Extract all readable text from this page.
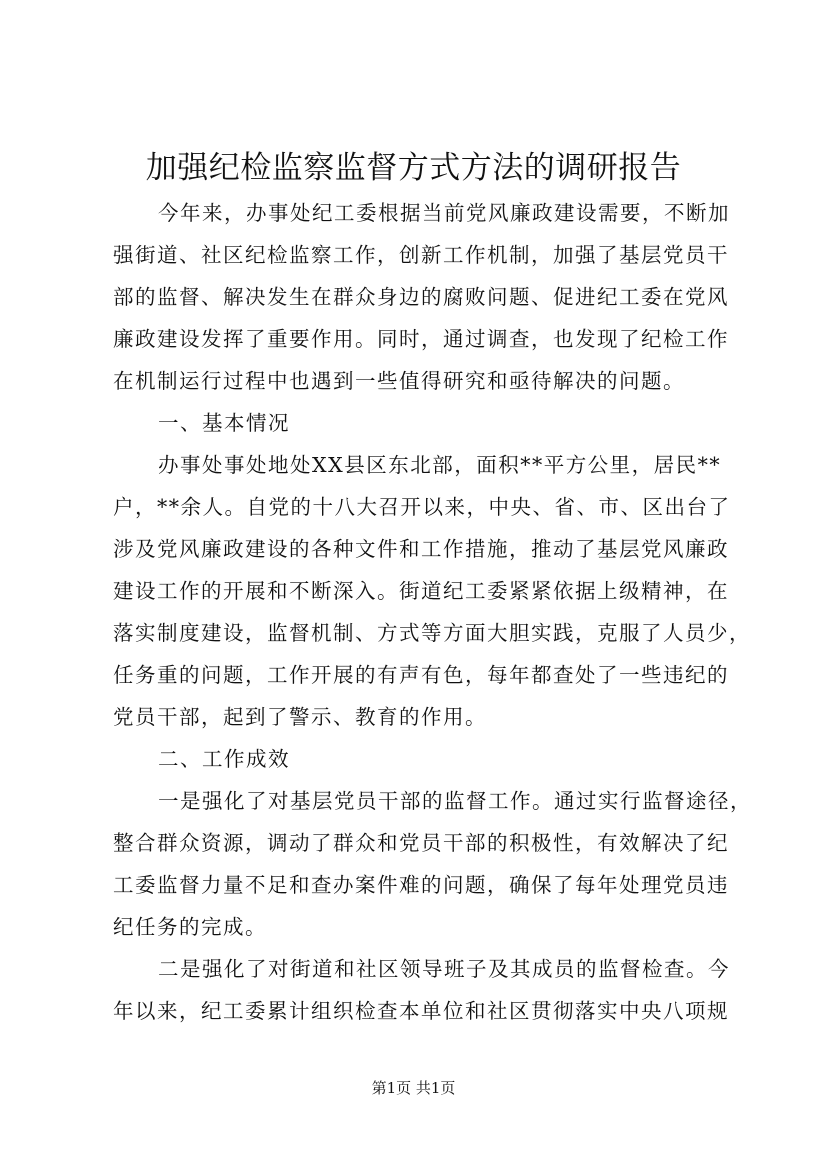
加强纪检监察监督方式方法的调研报告
今年来，办事处纪工委根据当前党风廉政建设需要，不断加
强街道、社区纪检监察工作，创新工作机制，加强了基层党员干
部的监督、解决发生在群众身边的腐败问题、促进纪工委在党风
廉政建设发挥了重要作用。同时，通过调查，也发现了纪检工作
在机制运行过程中也遇到一些值得研究和亟待解决的问题。
一、基本情况
办事处事处地处XX县区东北部，面积**平方公里，居民**
户，**余人。自党的十八大召开以来，中央、省、市、区出台了
涉及党风廉政建设的各种文件和工作措施，推动了基层党风廉政
建设工作的开展和不断深入。街道纪工委紧紧依据上级精神，在
落实制度建设，监督机制、方式等方面大胆实践，克服了人员少，
任务重的问题，工作开展的有声有色，每年都查处了一些违纪的
党员干部，起到了警示、教育的作用。
二、工作成效
一是强化了对基层党员干部的监督工作。通过实行监督途径，
整合群众资源，调动了群众和党员干部的积极性，有效解决了纪
工委监督力量不足和查办案件难的问题，确保了每年处理党员违
纪任务的完成。
二是强化了对街道和社区领导班子及其成员的监督检查。今
年以来，纪工委累计组织检查本单位和社区贯彻落实中央八项规
第1页 共1页
